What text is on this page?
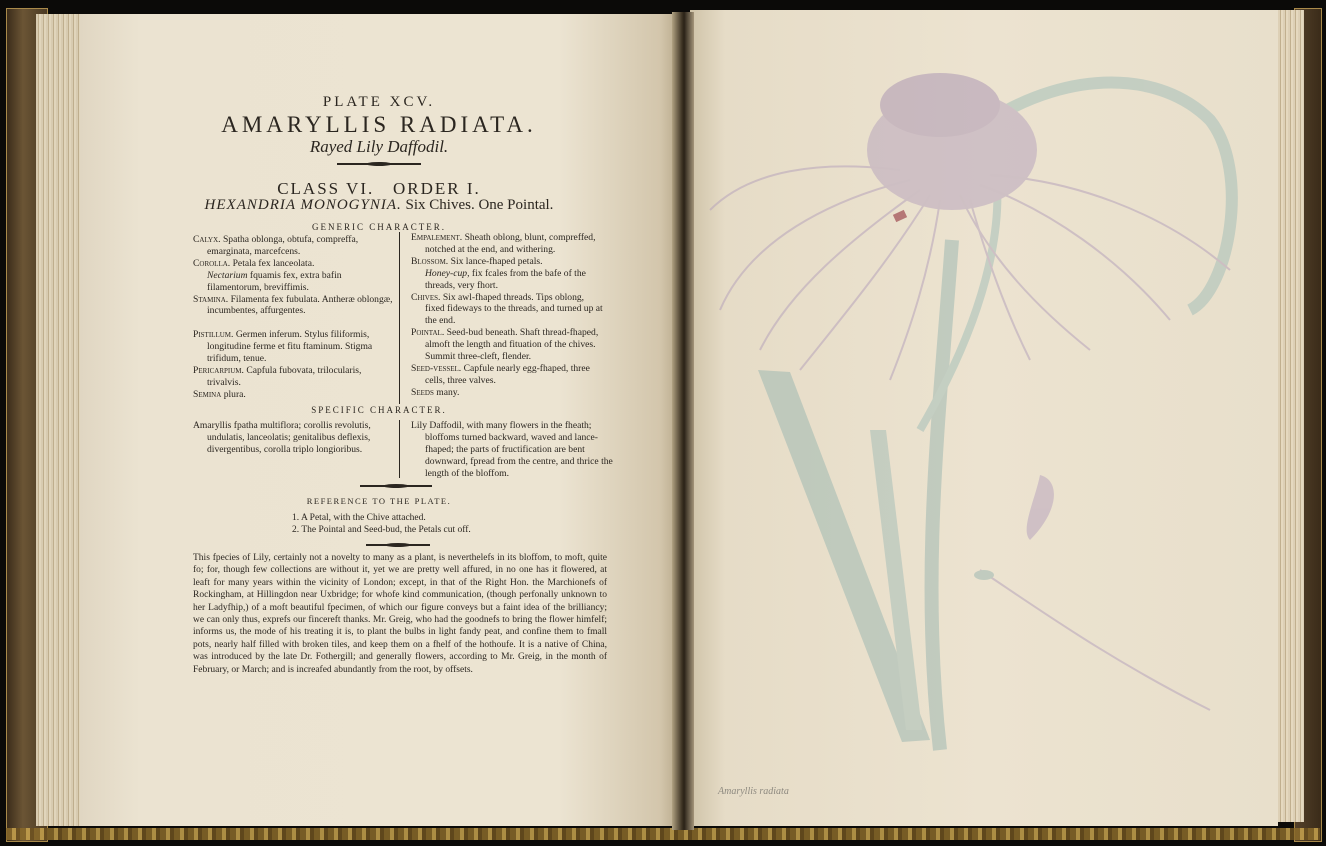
PLATE XCV.
AMARYLLIS RADIATA.
Rayed Lily Daffodil.
CLASS VI.   ORDER I.
HEXANDRIA MONOGYNIA. Six Chives. One Pointal.
GENERIC CHARACTER.

Calyx. Spatha oblonga, obtufa, compreffa, emarginata, marcefcens.

Corolla. Petala fex lanceolata.

Nectarium fquamis fex, extra bafin filamentorum, breviffimis.

Stamina. Filamenta fex fubulata. Antheræ oblongæ, incumbentes, affurgentes.

Pistillum. Germen inferum. Stylus filiformis, longitudine ferme et fitu ftaminum. Stigma trifidum, tenue.

Pericarpium. Capfula fubovata, trilocularis, trivalvis.

Semina plura.

Empalement. Sheath oblong, blunt, compreffed, notched at the end, and withering.

Blossom. Six lance-fhaped petals.

Honey-cup, fix fcales from the bafe of the threads, very fhort.

Chives. Six awl-fhaped threads. Tips oblong, fixed fideways to the threads, and turned up at the end.

Pointal. Seed-bud beneath. Shaft thread-fhaped, almoft the length and fituation of the chives. Summit three-cleft, flender.

Seed-vessel. Capfule nearly egg-fhaped, three cells, three valves.

Seeds many.

SPECIFIC CHARACTER.
Amaryllis fpatha multiflora; corollis revolutis, undulatis, lanceolatis; genitalibus deflexis, divergentibus, corolla triplo longioribus.
Lily Daffodil, with many flowers in the fheath; bloffoms turned backward, waved and lance-fhaped; the parts of fructification are bent downward, fpread from the centre, and thrice the length of the bloffom.
REFERENCE TO THE PLATE.
1. A Petal, with the Chive attached.
2. The Pointal and Seed-bud, the Petals cut off.
This fpecies of Lily, certainly not a novelty to many as a plant, is neverthelefs in its bloffom, to moft, quite fo; for, though few collections are without it, yet we are pretty well affured, in no one has it flowered, at leaft for many years within the vicinity of London; except, in that of the Right Hon. the Marchionefs of Rockingham, at Hillingdon near Uxbridge; for whofe kind communication, (though perfonally unknown to her Ladyfhip,) of a moft beautiful fpecimen, of which our figure conveys but a faint idea of the brilliancy; we can only thus, exprefs our fincereft thanks. Mr. Greig, who had the goodnefs to bring the flower himfelf; informs us, the mode of his treating it is, to plant the bulbs in light fandy peat, and confine them to fmall pots, nearly half filled with broken tiles, and keep them on a fhelf of the hothoufe. It is a native of China, was introduced by the late Dr. Fothergill; and generally flowers, according to Mr. Greig, in the month of February, or March; and is increafed abundantly from the root, by offsets.
Amaryllis radiata
